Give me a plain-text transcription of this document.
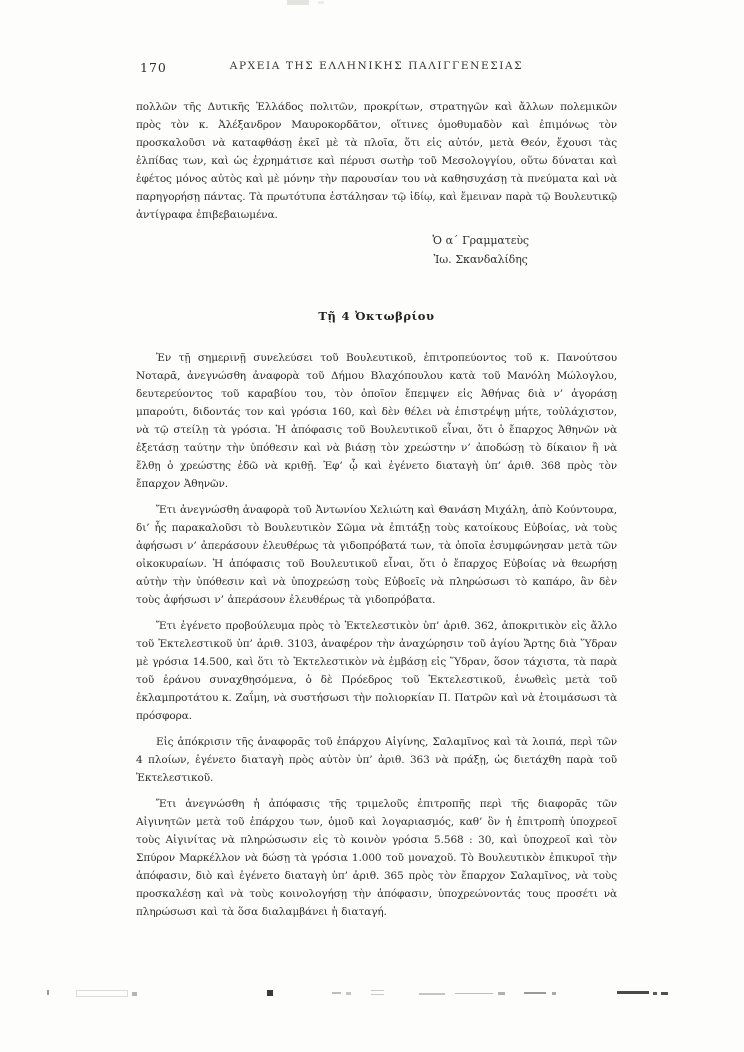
170	ΑΡΧΕΙΑ ΤΗΣ ΕΛΛΗΝΙΚΗΣ ΠΑΛΙΓΓΕΝΕΣΙΑΣ

πολλῶν τῆς Δυτικῆς Ἑλλάδος πολιτῶν, προκρίτων, στρατηγῶν καὶ ἄλλων πολεμικῶν πρὸς τὸν κ. Ἀλέξανδρον Μαυροκορδᾶτον, οἵτινες ὁμοθυμαδὸν καὶ ἐπιμόνως τὸν προσκαλοῦσι νὰ καταφθάσῃ ἐκεῖ μὲ τὰ πλοῖα, ὅτι εἰς αὐτόν, μετὰ Θεόν, ἔχουσι τὰς ἐλπίδας των, καὶ ὡς ἐχρημάτισε καὶ πέρυσι σωτὴρ τοῦ Μεσολογγίου, οὕτω δύναται καὶ ἐφέτος μόνος αὐτὸς καὶ μὲ μόνην τὴν παρουσίαν του νὰ καθησυχάσῃ τὰ πνεύματα καὶ νὰ παρηγορήσῃ πάντας. Τὰ πρωτότυπα ἐστάλησαν τῷ ἰδίῳ, καὶ ἔμειναν παρὰ τῷ Βουλευτικῷ ἀντίγραφα ἐπιβεβαιωμένα.

Ὁ α΄ Γραμματεὺς
Ἰω. Σκανδαλίδης
Τῇ 4 Ὀκτωβρίου

Ἐν τῇ σημερινῇ συνελεύσει τοῦ Βουλευτικοῦ, ἐπιτροπεύοντος τοῦ κ. Πανούτσου Νοταρᾶ, ἀνεγνώσθη ἀναφορὰ τοῦ Δήμου Βλαχόπουλου κατὰ τοῦ Μανόλη Μώλογλου, δευτερεύοντος τοῦ καραβίου του, τὸν ὁποῖον ἔπεμψεν εἰς Ἀθήνας διὰ ν’ ἀγοράσῃ μπαρούτι, διδοντάς τον καὶ γρόσια 160, καὶ δὲν θέλει νὰ ἐπιστρέψῃ μήτε, τοὐλάχιστον, νὰ τῷ στείλῃ τὰ γρόσια. Ἡ ἀπόφασις τοῦ Βουλευτικοῦ εἶναι, ὅτι ὁ ἔπαρχος Ἀθηνῶν νὰ ἐξετάσῃ ταύτην τὴν ὑπόθεσιν καὶ νὰ βιάσῃ τὸν χρεώστην ν’ ἀποδώσῃ τὸ δίκαιον ἢ νὰ ἔλθῃ ὁ χρεώστης ἐδῶ νὰ κριθῇ. Ἐφ’ ᾧ καὶ ἐγένετο διαταγὴ ὑπ’ ἀριθ. 368 πρὸς τὸν ἔπαρχον Ἀθηνῶν.

Ἔτι ἀνεγνώσθη ἀναφορὰ τοῦ Ἀντωνίου Χελιώτη καὶ Θανάση Μιχάλη, ἀπὸ Κούντουρα, δι’ ἧς παρακαλοῦσι τὸ Βουλευτικὸν Σῶμα νὰ ἐπιτάξῃ τοὺς κατοίκους Εὐβοίας, νὰ τοὺς ἀφήσωσι ν’ ἀπεράσουν ἐλευθέρως τὰ γιδοπρόβατά των, τὰ ὁποῖα ἐσυμφώνησαν μετὰ τῶν οἰκοκυραίων. Ἡ ἀπόφασις τοῦ Βουλευτικοῦ εἶναι, ὅτι ὁ ἔπαρχος Εὐβοίας νὰ θεωρήσῃ αὐτὴν τὴν ὑπόθεσιν καὶ νὰ ὑποχρεώσῃ τοὺς Εὐβοεῖς νὰ πληρώσωσι τὸ καπάρο, ἂν δὲν τοὺς ἀφήσωσι ν’ ἀπεράσουν ἐλευθέρως τὰ γιδοπρόβατα.

Ἔτι ἐγένετο προβούλευμα πρὸς τὸ Ἐκτελεστικὸν ὑπ’ ἀριθ. 362, ἀποκριτικὸν εἰς ἄλλο τοῦ Ἐκτελεστικοῦ ὑπ’ ἀριθ. 3103, ἀναφέρον τὴν ἀναχώρησιν τοῦ ἁγίου Ἄρτης διὰ Ὕδραν μὲ γρόσια 14.500, καὶ ὅτι τὸ Ἐκτελεστικὸν νὰ ἐμβάσῃ εἰς Ὕδραν, ὅσον τάχιστα, τὰ παρὰ τοῦ ἐράνου συναχθησόμενα, ὁ δὲ Πρόεδρος τοῦ Ἐκτελεστικοῦ, ἑνωθεὶς μετὰ τοῦ ἐκλαμπροτάτου κ. Ζαΐμη, νὰ συστήσωσι τὴν πολιορκίαν Π. Πατρῶν καὶ νὰ ἑτοιμάσωσι τὰ πρόσφορα.

Εἰς ἀπόκρισιν τῆς ἀναφορᾶς τοῦ ἐπάρχου Αἰγίνης, Σαλαμῖνος καὶ τὰ λοιπά, περὶ τῶν 4 πλοίων, ἐγένετο διαταγὴ πρὸς αὐτὸν ὑπ’ ἀριθ. 363 νὰ πράξῃ, ὡς διετάχθη παρὰ τοῦ Ἐκτελεστικοῦ.

Ἔτι ἀνεγνώσθη ἡ ἀπόφασις τῆς τριμελοῦς ἐπιτροπῆς περὶ τῆς διαφορᾶς τῶν Αἰγινητῶν μετὰ τοῦ ἐπάρχου των, ὁμοῦ καὶ λογαριασμός, καθ’ ὃν ἡ ἐπιτροπὴ ὑποχρεοῖ τοὺς Αἰγινίτας νὰ πληρώσωσιν εἰς τὸ κοινὸν γρόσια 5.568 : 30, καὶ ὑποχρεοῖ καὶ τὸν Σπύρον Μαρκέλλον νὰ δώσῃ τὰ γρόσια 1.000 τοῦ μοναχοῦ. Τὸ Βουλευτικὸν ἐπικυροῖ τὴν ἀπόφασιν, διὸ καὶ ἐγένετο διαταγὴ ὑπ’ ἀριθ. 365 πρὸς τὸν ἔπαρχον Σαλαμῖνος, νὰ τοὺς προσκαλέσῃ καὶ νὰ τοὺς κοινολογήσῃ τὴν ἀπόφασιν, ὑποχρεώνοντάς τους προσέτι νὰ πληρώσωσι καὶ τὰ ὅσα διαλαμβάνει ἡ διαταγή.
